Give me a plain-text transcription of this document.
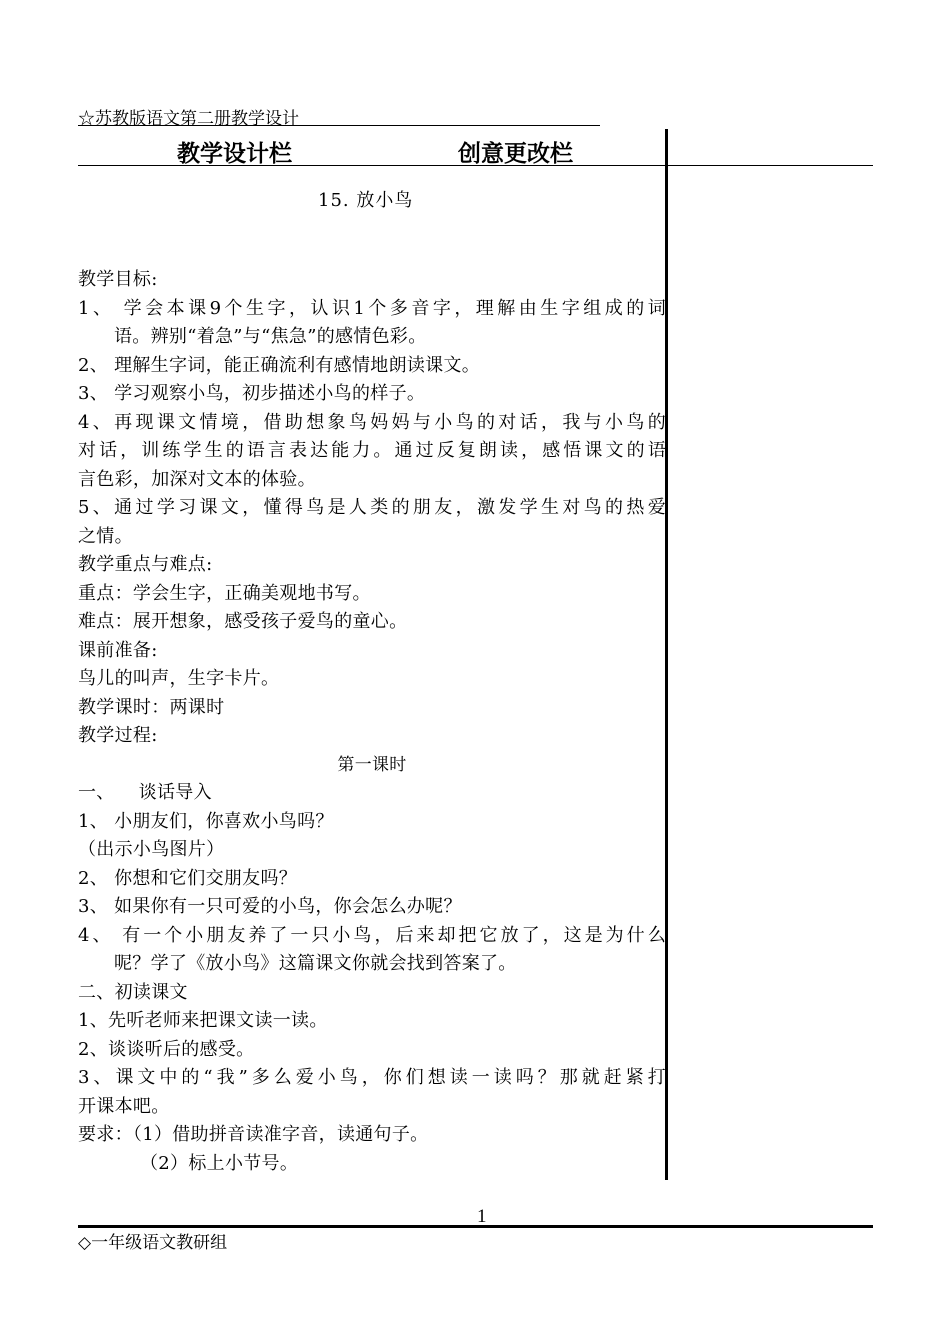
☆苏教版语文第二册教学设计
教学设计栏	创意更改栏
15. 放小鸟
教学目标:
1、 学会本课9个生字，认识1个多音字，理解由生字组成的词
语。辨别“着急”与“焦急”的感情色彩。
2、 理解生字词，能正确流利有感情地朗读课文。
3、 学习观察小鸟，初步描述小鸟的样子。
4、再现课文情境，借助想象鸟妈妈与小鸟的对话，我与小鸟的
对话，训练学生的语言表达能力。通过反复朗读，感悟课文的语
言色彩，加深对文本的体验。
5、通过学习课文，懂得鸟是人类的朋友，激发学生对鸟的热爱
之情。
教学重点与难点:
重点：学会生字，正确美观地书写。
难点：展开想象，感受孩子爱鸟的童心。
课前准备:
鸟儿的叫声，生字卡片。
教学课时：两课时
教学过程:
第一课时
一、    谈话导入
1、 小朋友们，你喜欢小鸟吗？
（出示小鸟图片）
2、 你想和它们交朋友吗？
3、 如果你有一只可爱的小鸟，你会怎么办呢？
4、 有一个小朋友养了一只小鸟，后来却把它放了，这是为什么
呢？学了《放小鸟》这篇课文你就会找到答案了。
二、初读课文
1、先听老师来把课文读一读。
2、谈谈听后的感受。
3、课文中的“我”多么爱小鸟，你们想读一读吗？那就赶紧打
开课本吧。
要求：（1）借助拼音读准字音，读通句子。
（2）标上小节号。
1
◇一年级语文教研组
